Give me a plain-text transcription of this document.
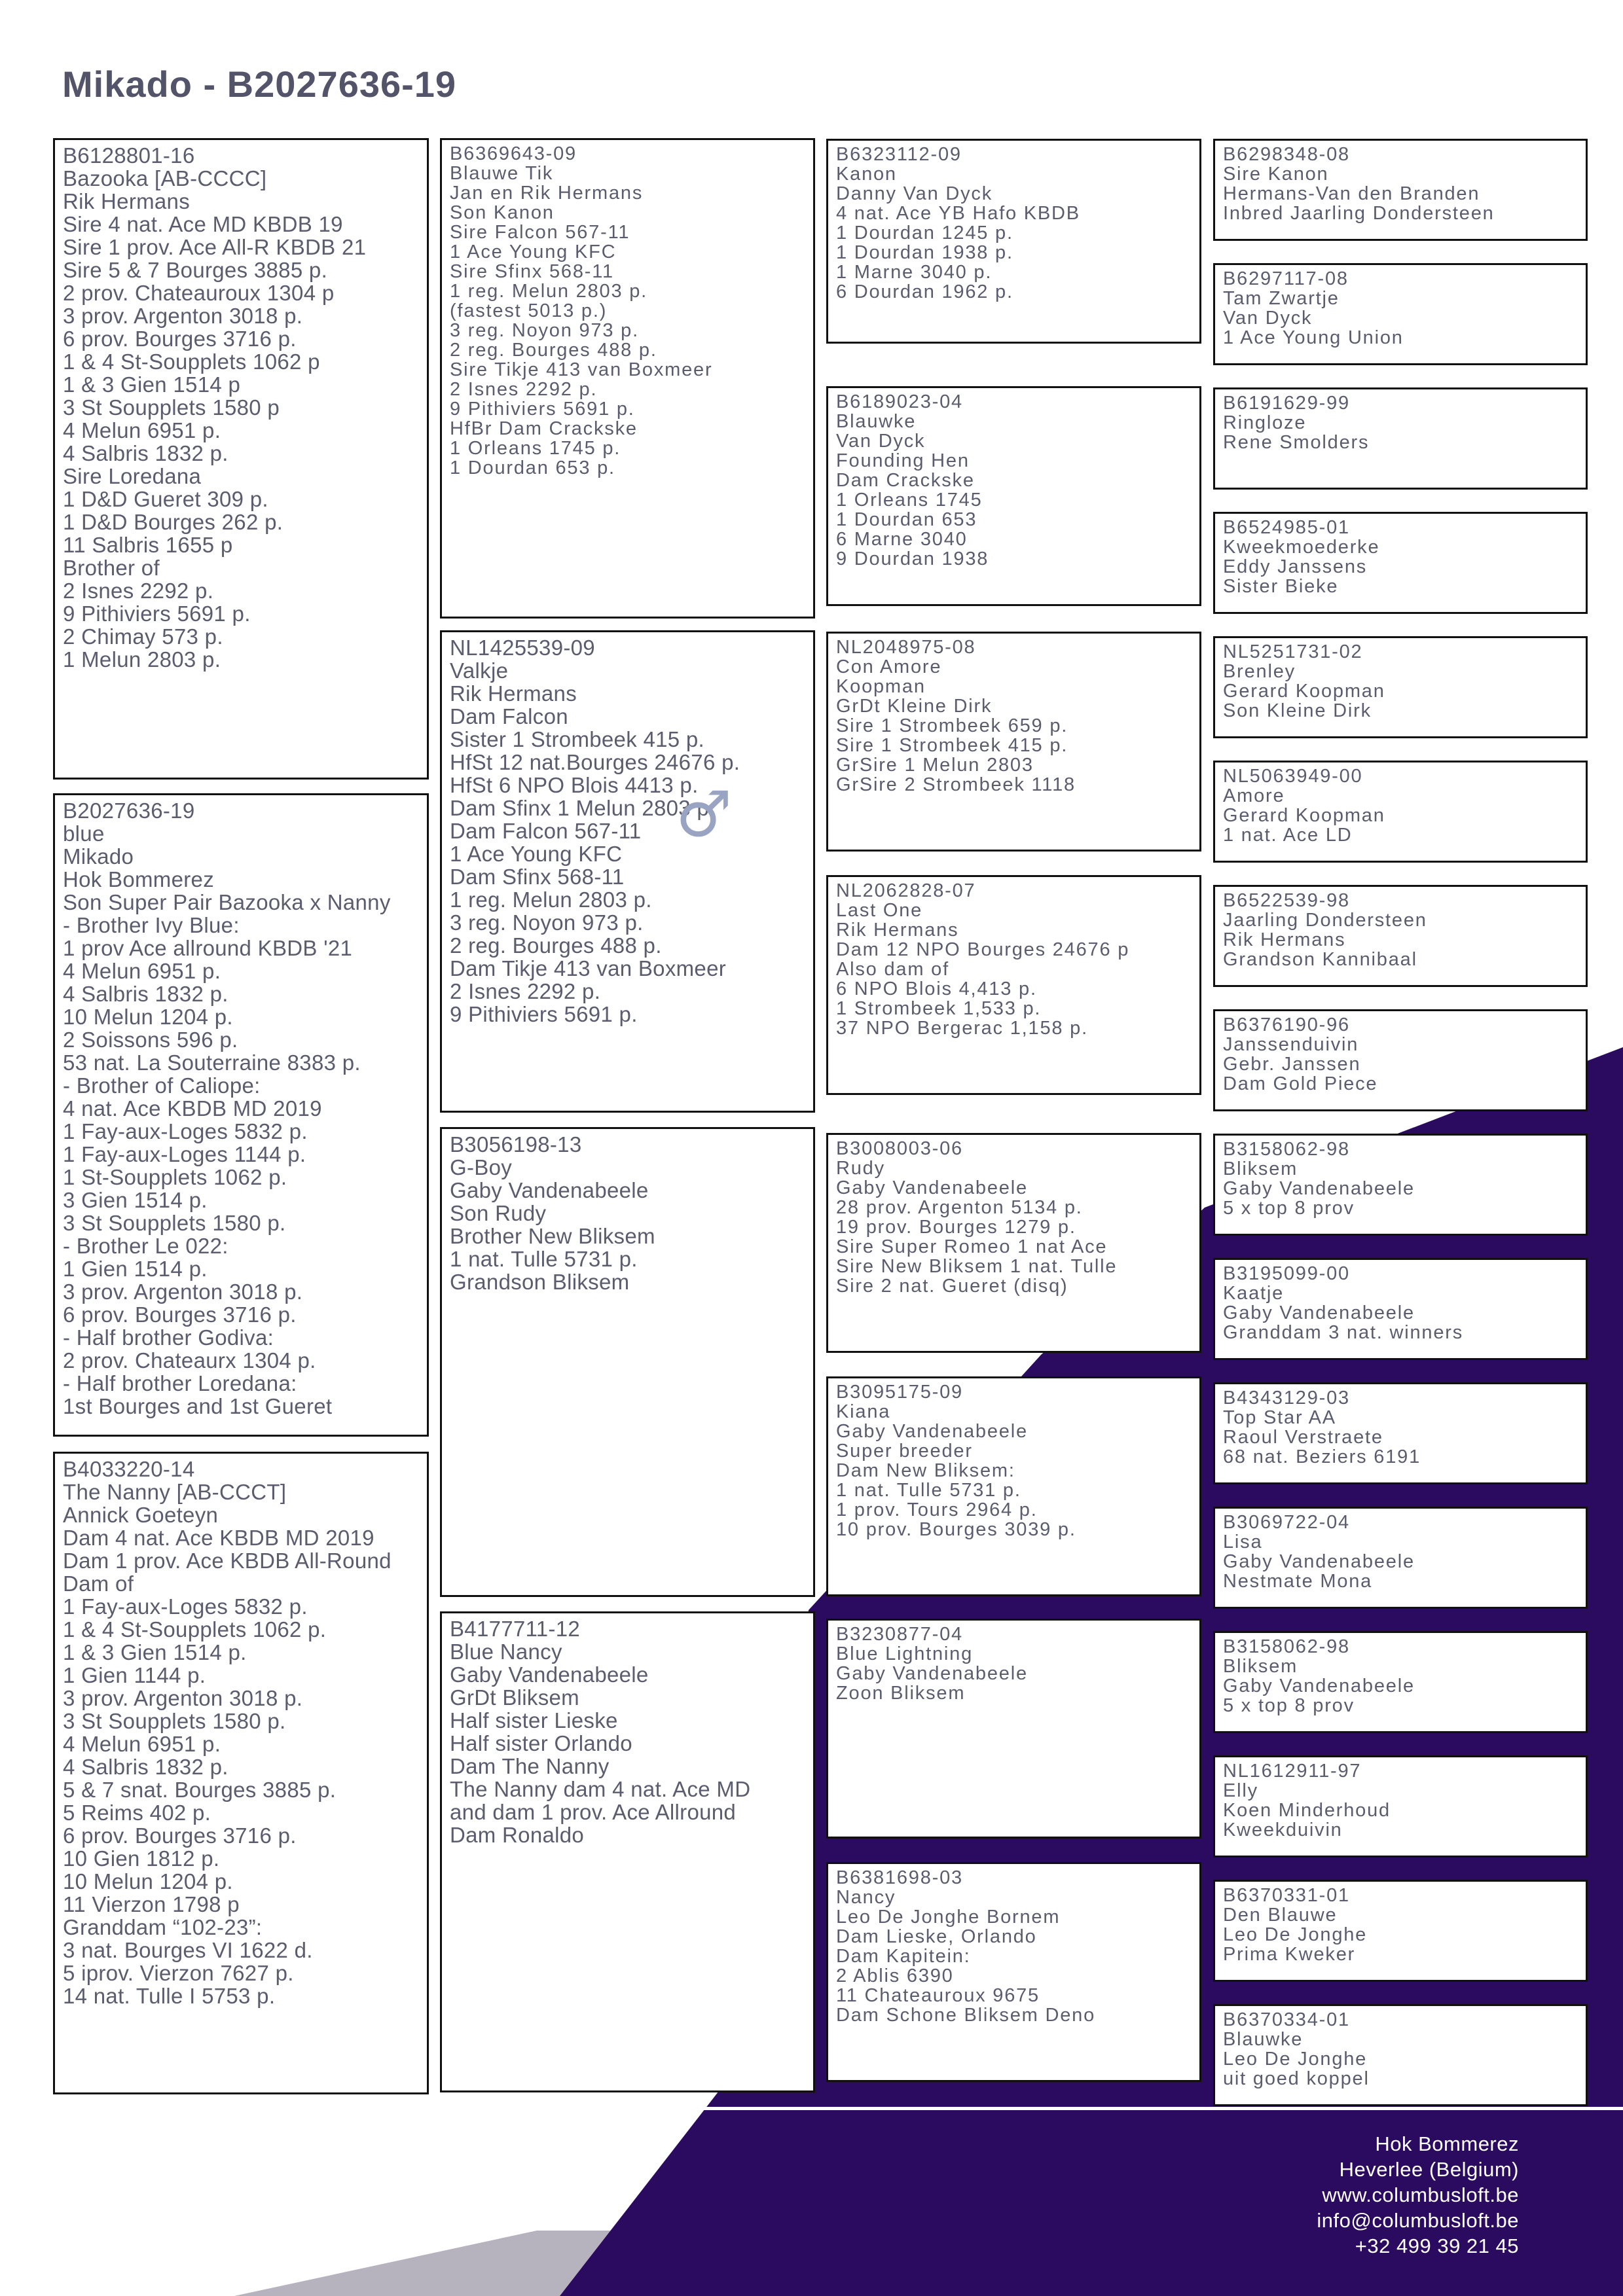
Mikado - B2027636-19
♂
Hok Bommerez
Heverlee (Belgium)
www.columbusloft.be
info@columbusloft.be
+32 499 39 21 45
B6128801-16
Bazooka [AB-CCCC]
Rik Hermans
Sire 4 nat. Ace MD KBDB 19
Sire 1 prov. Ace All-R KBDB 21
Sire 5 & 7 Bourges 3885 p.
2 prov. Chateauroux 1304 p
3 prov. Argenton 3018 p.
6 prov. Bourges 3716 p.
1 & 4 St-Soupplets 1062 p
1 & 3 Gien 1514 p
3 St Soupplets 1580 p
4 Melun 6951 p.
4 Salbris 1832 p.
Sire Loredana
1 D&D Gueret 309 p.
1 D&D Bourges 262 p.
11 Salbris 1655 p
Brother of
2 Isnes 2292 p.
9 Pithiviers 5691 p.
2 Chimay 573 p.
1 Melun 2803 p.
B2027636-19
blue
Mikado
Hok Bommerez
Son Super Pair Bazooka x Nanny
- Brother Ivy Blue:
1 prov Ace allround KBDB '21
4 Melun 6951 p.
4 Salbris 1832 p.
10 Melun 1204 p.
2 Soissons 596 p.
53 nat. La Souterraine 8383 p.
- Brother of Caliope:
4 nat. Ace KBDB MD 2019
1 Fay-aux-Loges 5832 p.
1 Fay-aux-Loges 1144 p.
1 St-Soupplets 1062 p.
3 Gien 1514 p.
3 St Soupplets 1580 p.
- Brother Le 022:
1 Gien 1514 p.
3 prov. Argenton 3018 p.
6 prov. Bourges 3716 p.
- Half brother Godiva:
2 prov. Chateaurx 1304 p.
- Half brother Loredana:
1st Bourges and 1st Gueret
B4033220-14
The Nanny [AB-CCCT]
Annick Goeteyn
Dam 4 nat. Ace KBDB MD 2019
Dam 1 prov. Ace KBDB All-Round
Dam of
1 Fay-aux-Loges 5832 p.
1 & 4 St-Soupplets 1062 p.
1 & 3 Gien 1514 p.
1 Gien 1144 p.
3 prov. Argenton 3018 p.
3 St Soupplets 1580 p.
4 Melun 6951 p.
4 Salbris 1832 p.
5 & 7 snat. Bourges 3885 p.
5 Reims 402 p.
6 prov. Bourges 3716 p.
10 Gien 1812 p.
10 Melun 1204 p.
11 Vierzon 1798 p
Granddam “102-23”:
3 nat. Bourges VI 1622 d.
5 iprov. Vierzon 7627 p.
14 nat. Tulle I 5753 p.
B6369643-09
Blauwe Tik
Jan en Rik Hermans
Son Kanon
Sire Falcon 567-11
1 Ace Young KFC
Sire Sfinx 568-11
1 reg. Melun 2803 p.
(fastest 5013 p.)
3 reg. Noyon 973 p.
2 reg. Bourges 488 p.
Sire Tikje 413 van Boxmeer
2 Isnes 2292 p.
9 Pithiviers 5691 p.
HfBr Dam Crackske
1 Orleans 1745 p.
1 Dourdan 653 p.
NL1425539-09
Valkje
Rik Hermans
Dam Falcon
Sister 1 Strombeek 415 p.
HfSt 12 nat.Bourges 24676 p.
HfSt 6 NPO Blois 4413 p.
Dam Sfinx 1 Melun 2803 p.
Dam Falcon 567-11
1 Ace Young KFC
Dam Sfinx 568-11
1 reg. Melun 2803 p.
3 reg. Noyon 973 p.
2 reg. Bourges 488 p.
Dam Tikje 413 van Boxmeer
2 Isnes 2292 p.
9 Pithiviers 5691 p.
B3056198-13
G-Boy
Gaby Vandenabeele
Son Rudy
Brother New Bliksem
1 nat. Tulle 5731 p.
Grandson Bliksem
B4177711-12
Blue Nancy
Gaby Vandenabeele
GrDt Bliksem
Half sister Lieske
Half sister Orlando
Dam The Nanny
The Nanny dam 4 nat. Ace MD
and dam 1 prov. Ace Allround
Dam Ronaldo
B6323112-09
Kanon
Danny Van Dyck
4 nat. Ace YB Hafo KBDB
1 Dourdan 1245 p.
1 Dourdan 1938 p.
1 Marne 3040 p.
6 Dourdan 1962 p.
B6189023-04
Blauwke
Van Dyck
Founding Hen
Dam Crackske
1 Orleans 1745
1 Dourdan 653
6 Marne 3040
9 Dourdan 1938
NL2048975-08
Con Amore
Koopman
GrDt Kleine Dirk
Sire 1 Strombeek 659 p.
Sire 1 Strombeek 415 p.
GrSire 1 Melun 2803
GrSire 2 Strombeek 1118
NL2062828-07
Last One
Rik Hermans
Dam 12 NPO Bourges 24676 p
Also dam of
6 NPO Blois 4,413 p.
1 Strombeek 1,533 p.
37 NPO Bergerac 1,158 p.
B3008003-06
Rudy
Gaby Vandenabeele
28 prov. Argenton 5134 p.
19 prov. Bourges 1279 p.
Sire Super Romeo 1 nat Ace
Sire New Bliksem 1 nat. Tulle
Sire 2 nat. Gueret (disq)
B3095175-09
Kiana
Gaby Vandenabeele
Super breeder
Dam New Bliksem:
1 nat. Tulle 5731 p.
1 prov. Tours 2964 p.
10 prov. Bourges 3039 p.
B3230877-04
Blue Lightning
Gaby Vandenabeele
Zoon Bliksem
B6381698-03
Nancy
Leo De Jonghe Bornem
Dam Lieske, Orlando
Dam Kapitein:
2 Ablis 6390
11 Chateauroux 9675
Dam Schone Bliksem Deno
B6298348-08
Sire Kanon
Hermans-Van den Branden
Inbred Jaarling Dondersteen
B6297117-08
Tam Zwartje
Van Dyck
1 Ace Young Union
B6191629-99
Ringloze
Rene Smolders
B6524985-01
Kweekmoederke
Eddy Janssens
Sister Bieke
NL5251731-02
Brenley
Gerard Koopman
Son Kleine Dirk
NL5063949-00
Amore
Gerard Koopman
1 nat. Ace LD
B6522539-98
Jaarling Dondersteen
Rik Hermans
Grandson Kannibaal
B6376190-96
Janssenduivin
Gebr. Janssen
Dam Gold Piece
B3158062-98
Bliksem
Gaby Vandenabeele
5 x top 8 prov
B3195099-00
Kaatje
Gaby Vandenabeele
Granddam 3 nat. winners
B4343129-03
Top Star AA
Raoul Verstraete
68 nat. Beziers 6191
B3069722-04
Lisa
Gaby Vandenabeele
Nestmate Mona
B3158062-98
Bliksem
Gaby Vandenabeele
5 x top 8 prov
NL1612911-97
Elly
Koen Minderhoud
Kweekduivin
B6370331-01
Den Blauwe
Leo De Jonghe
Prima Kweker
B6370334-01
Blauwke
Leo De Jonghe
uit goed koppel
